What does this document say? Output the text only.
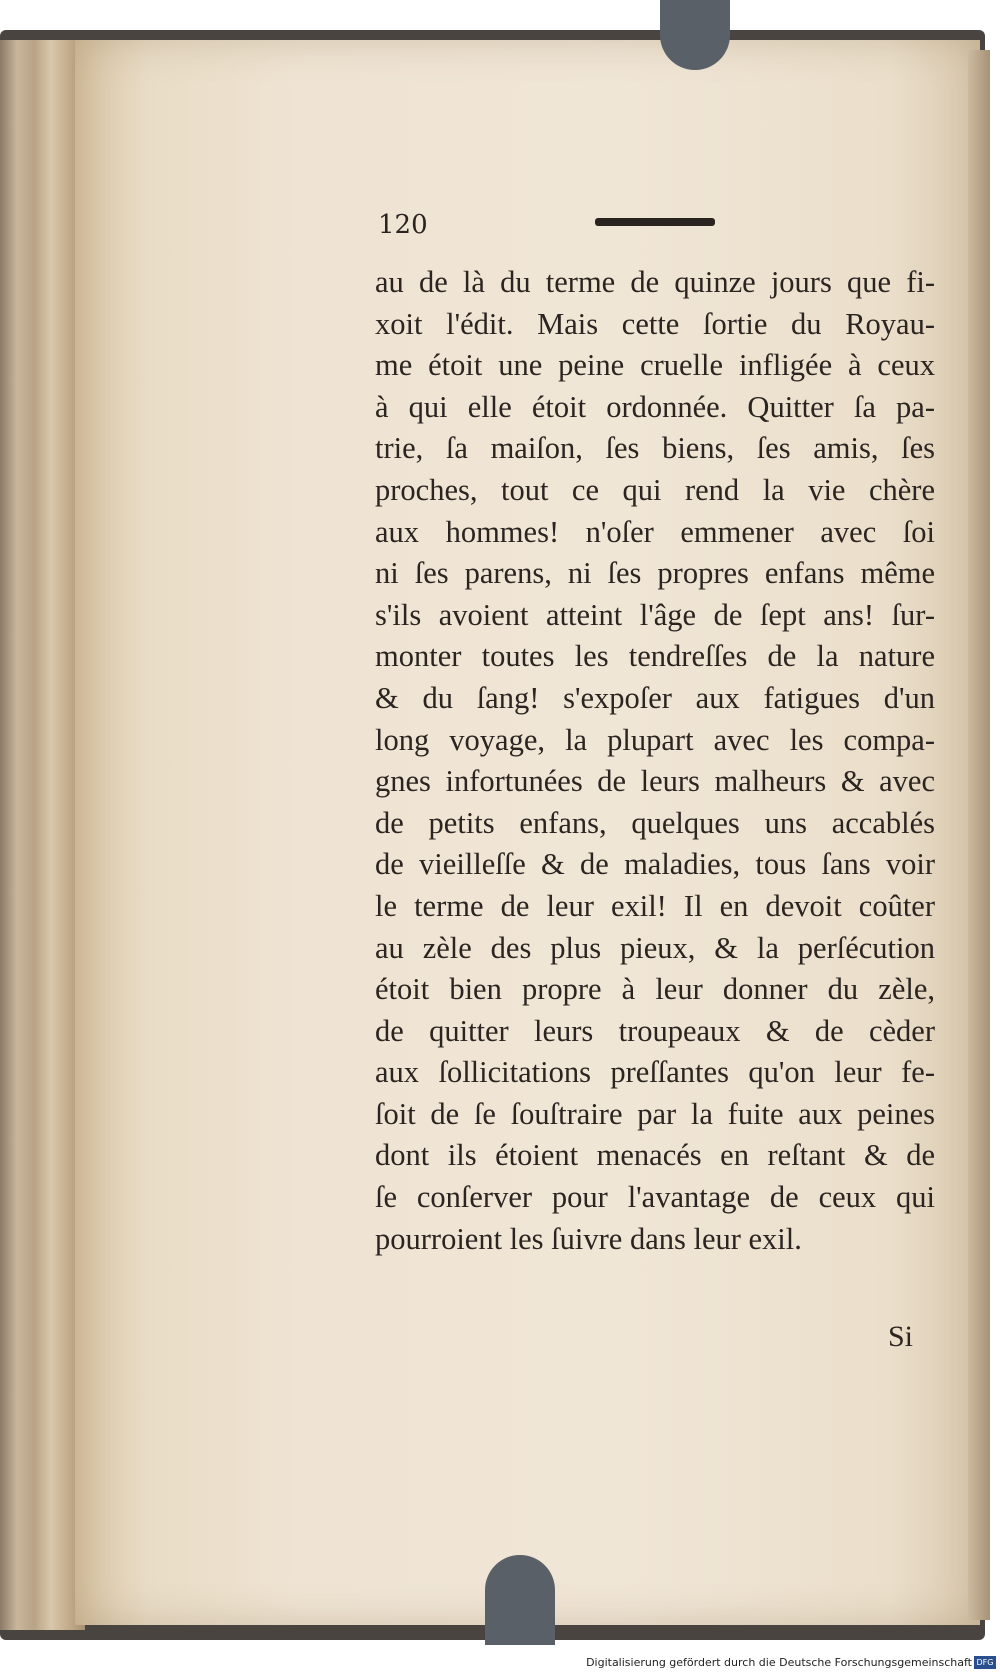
120
au de là du terme de quinze jours que fi-
xoit l'édit. Mais cette ſortie du Royau-
me étoit une peine cruelle infligée à ceux
à qui elle étoit ordonnée. Quitter ſa pa-
trie, ſa maiſon, ſes biens, ſes amis, ſes
proches, tout ce qui rend la vie chère
aux hommes! n'oſer emmener avec ſoi
ni ſes parens, ni ſes propres enfans même
s'ils avoient atteint l'âge de ſept ans! ſur-
monter toutes les tendreſſes de la nature
& du ſang! s'expoſer aux fatigues d'un
long voyage, la plupart avec les compa-
gnes infortunées de leurs malheurs & avec
de petits enfans, quelques uns accablés
de vieilleſſe & de maladies, tous ſans voir
le terme de leur exil! Il en devoit coûter
au zèle des plus pieux, & la perſécution
étoit bien propre à leur donner du zèle,
de quitter leurs troupeaux & de cèder
aux ſollicitations preſſantes qu'on leur fe-
ſoit de ſe ſouſtraire par la fuite aux peines
dont ils étoient menacés en reſtant & de
ſe conſerver pour l'avantage de ceux qui
pourroient les ſuivre dans leur exil.
Si
Digitalisierung gefördert durch die Deutsche Forschungsgemeinschaft DFG
